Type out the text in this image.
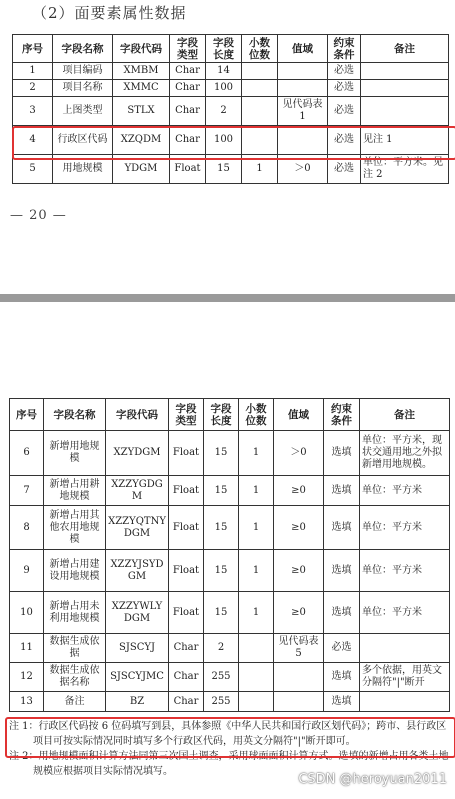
（2）面要素属性数据
序号	字段名称	字段代码	字段类型	字段长度	小数位数	值域	约束条件	备注
1	项目编码	XMBM	Char	14			必选	
2	项目名称	XMMC	Char	100			必选	
3	上图类型	STLX	Char	2		见代码表 1	必选	
4	行政区代码	XZQDM	Char	100			必选	见注 1
5	用地规模	YDGM	Float	15	1	＞0	必选	单位：平方米。见注 2
— 20 —
序号	字段名称	字段代码	字段类型	字段长度	小数位数	值域	约束条件	备注
6	新增用地规模	XZYDGM	Float	15	1	＞0	选填	单位：平方米，现状交通用地之外拟新增用地规模。
7	新增占用耕地规模	XZZYGDGM	Float	15	1	≥0	选填	单位：平方米
8	新增占用其他农用地规模	XZZYQTNYDGM	Float	15	1	≥0	选填	单位：平方米
9	新增占用建设用地规模	XZZYJSYDGM	Float	15	1	≥0	选填	单位：平方米
10	新增占用未利用地规模	XZZYWLYDGM	Float	15	1	≥0	选填	单位：平方米
11	数据生成依据	SJSCYJ	Char	2		见代码表 5	必选	
12	数据生成依据名称	SJSCYJMC	Char	255			选填	多个依据，用英文分隔符"|"断开
13	备注	BZ	Char	255			选填	
注 1：行政区代码按 6 位码填写到县，具体参照《中华人民共和国行政区划代码》；跨市、县行政区项目可按实际情况同时填写多个行政区代码，用英文分隔符"|"断开即可。
注 2：用地规模面积计算方法同第三次国土调查，采用球面面积计算方式。选填的新增占用各类土地规模应根据项目实际情况填写。
CSDN @heroyuan2011
